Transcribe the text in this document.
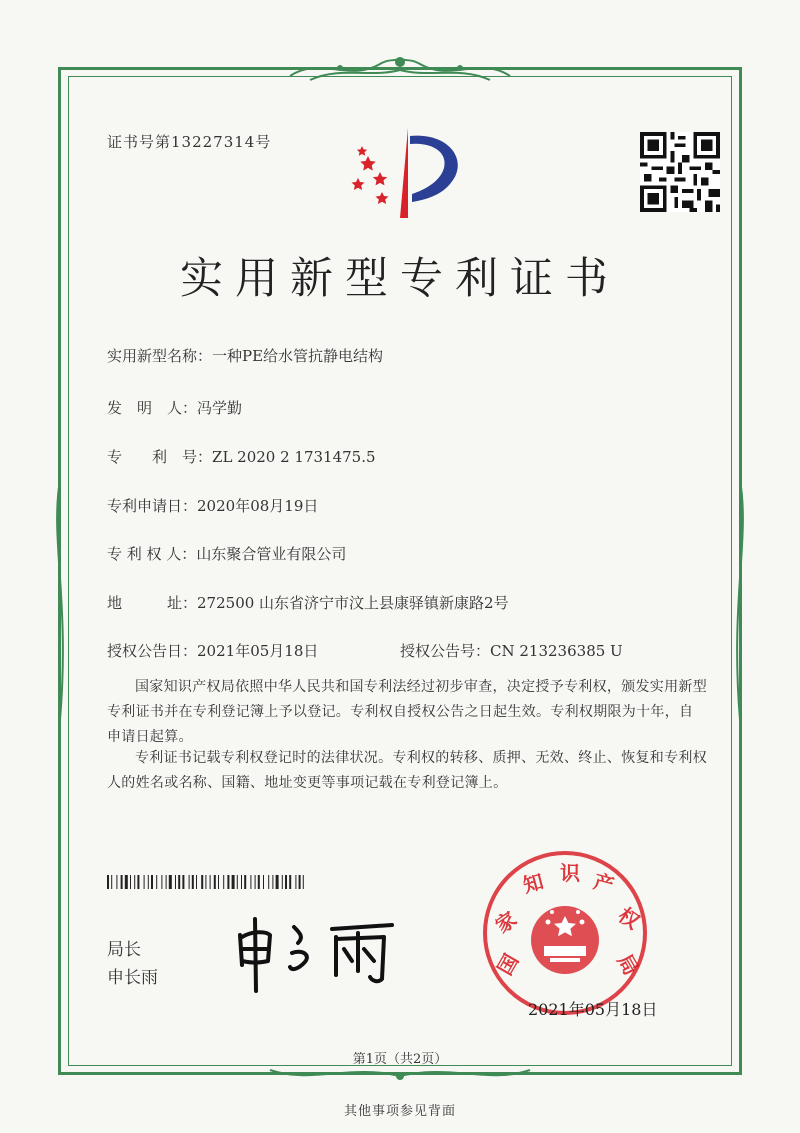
证书号第13227314号
实用新型专利证书
实用新型名称：一种PE给水管抗静电结构
发　明　人：冯学勤
专　　利　号：ZL 2020 2 1731475.5
专利申请日：2020年08月19日
专 利 权 人：山东聚合管业有限公司
地　　　址：272500 山东省济宁市汶上县康驿镇新康路2号
授权公告日：2021年05月18日	授权公告号：CN 213236385 U
国家知识产权局依照中华人民共和国专利法经过初步审查，决定授予专利权，颁发实用新型专利证书并在专利登记簿上予以登记。专利权自授权公告之日起生效。专利权期限为十年，自申请日起算。
专利证书记载专利权登记时的法律状况。专利权的转移、质押、无效、终止、恢复和专利权人的姓名或名称、国籍、地址变更等事项记载在专利登记簿上。
局长
申长雨	国
家
知 识 产
权
局
2021年05月18日
第1页（共2页）
其他事项参见背面
